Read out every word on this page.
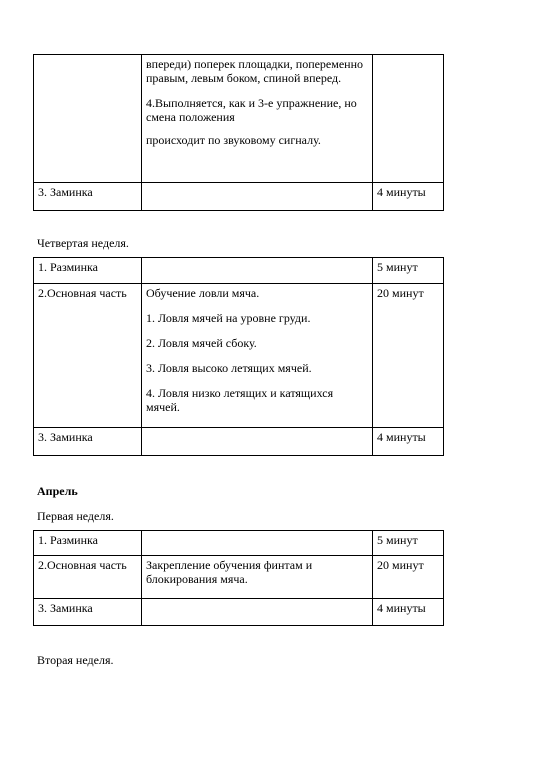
	впереди) поперек площадки, попеременно правым, левым боком, спиной вперед.

4.Выполняется, как и 3-е упражнение, но смена положения

происходит по звуковому сигналу.	

3. Заминка		4 минуты

Четвертая неделя.

1. Разминка		5 минут
2.Основная часть	Обучение ловли мяча.

1. Ловля мячей на уровне груди.

2. Ловля мячей сбоку.

3. Ловля высоко летящих мячей.

4. Ловля низко летящих и катящихся мячей.	20 минут
3. Заминка		4 минуты

Апрель

Первая неделя.

1. Разминка		5 минут
2.Основная часть	Закрепление обучения финтам и блокирования мяча.	20 минут
3. Заминка		4 минуты

Вторая неделя.
